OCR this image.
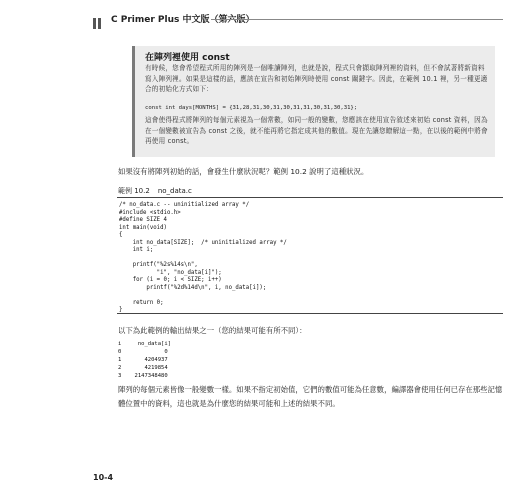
C Primer Plus 中文版（第六版）
在陣列裡使用 const
有時候，您會希望程式所用的陣列是一個唯讀陣列，也就是說，程式只會擷取陣列裡的資料，但不會試著將新資料寫入陣列裡。如果是這樣的話，應該在宣告和初始陣列時使用 const 關鍵字。因此，在範例 10.1 裡，另一種更適合的初始化方式如下：
const int days[MONTHS] = {31,28,31,30,31,30,31,31,30,31,30,31};
這會使得程式將陣列的每個元素視為一個常數，如同一般的變數，您應該在使用宣告敘述來初始 const 資料，因為在一個變數被宣告為 const 之後，就不能再將它指定成其他的數值。現在先讓您瞭解這一點，在以後的範例中將會再使用 const。
如果沒有將陣列初始的話，會發生什麼狀況呢？範例 10.2 說明了這種狀況。
範例 10.2 no_data.c
/* no_data.c -- uninitialized array */
#include <stdio.h>
#define SIZE 4
int main(void)
{
int no_data[SIZE];  /* uninitialized array */
int i;
printf("%2s%14s\n",
"i", "no_data[i]");
for (i = 0; i < SIZE; i++)
printf("%2d%14d\n", i, no_data[i]);
return 0;
}
以下為此範例的輸出結果之一（您的結果可能有所不同）：
i     no_data[i]
0             0
1       4204937
2       4219854
3    2147348480
陣列的每個元素皆像一般變數一樣。如果不指定初始值，它們的數值可能為任意數，編譯器會使用任何已存在那些記憶體位置中的資料，這也就是為什麼您的結果可能和上述的結果不同。
10-4
